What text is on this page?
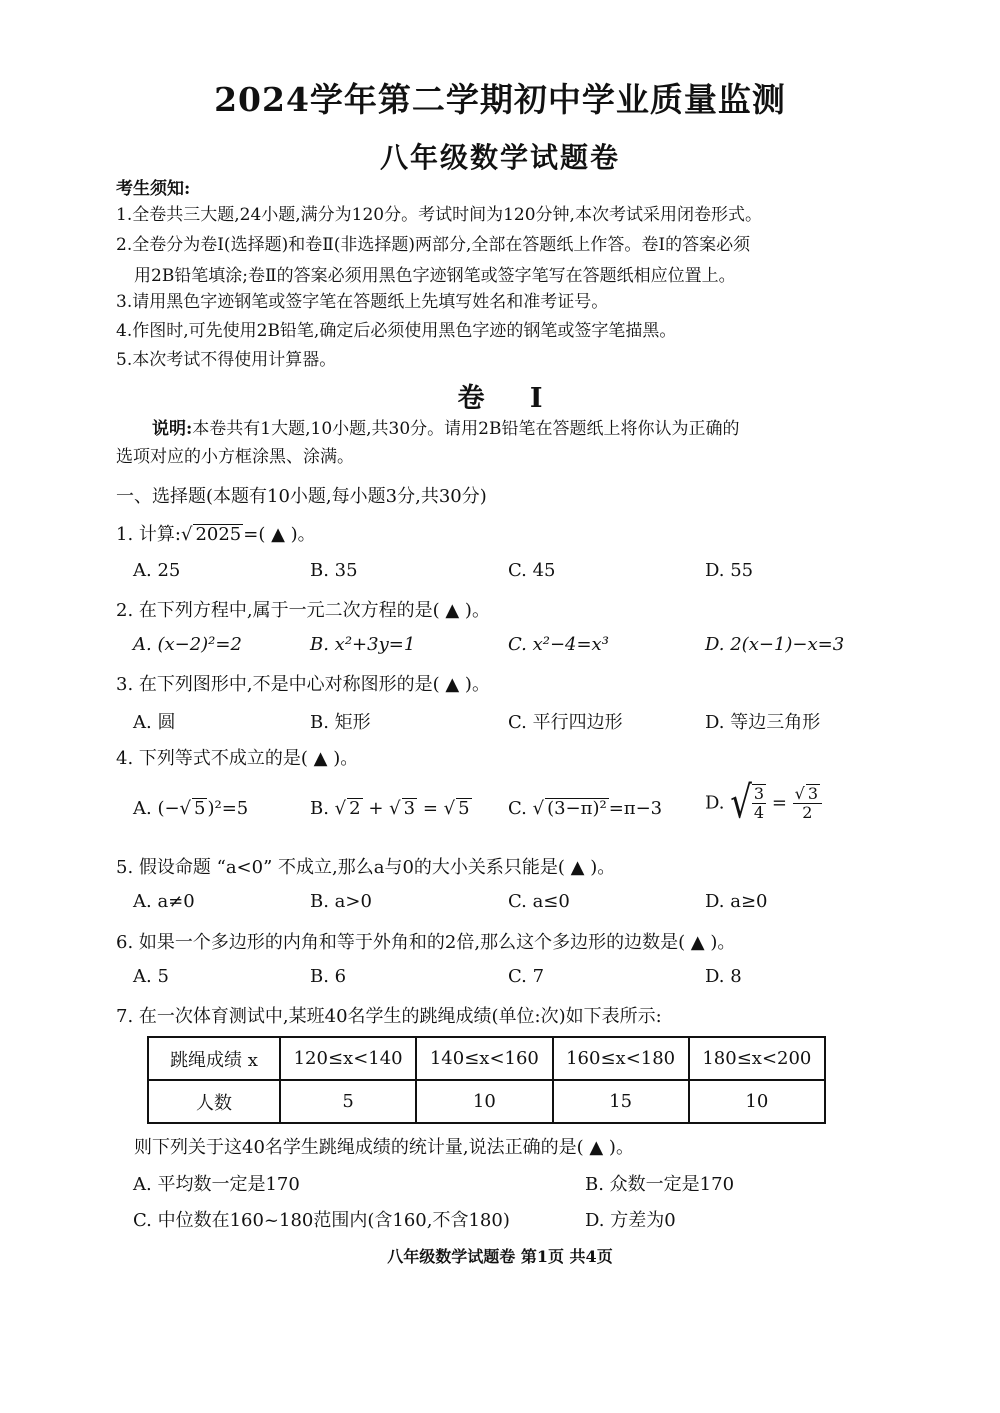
2024学年第二学期初中学业质量监测
八年级数学试题卷
考生须知:
1.全卷共三大题,24小题,满分为120分。考试时间为120分钟,本次考试采用闭卷形式。
2.全卷分为卷Ⅰ(选择题)和卷Ⅱ(非选择题)两部分,全部在答题纸上作答。卷Ⅰ的答案必须
用2B铅笔填涂;卷Ⅱ的答案必须用黑色字迹钢笔或签字笔写在答题纸相应位置上。
3.请用黑色字迹钢笔或签字笔在答题纸上先填写姓名和准考证号。
4.作图时,可先使用2B铅笔,确定后必须使用黑色字迹的钢笔或签字笔描黑。
5.本次考试不得使用计算器。
卷 Ⅰ
说明:本卷共有1大题,10小题,共30分。请用2B铅笔在答题纸上将你认为正确的
选项对应的小方框涂黑、涂满。
一、选择题(本题有10小题,每小题3分,共30分)
1. 计算:√ 2025 =( ▲ )。
A. 25	B. 35	C. 45	D. 55
2. 在下列方程中,属于一元二次方程的是( ▲ )。
A. (x−2)²=2	B. x²+3y=1	C. x²−4=x³	D. 2(x−1)−x=3
3. 在下列图形中,不是中心对称图形的是( ▲ )。
A. 圆	B. 矩形	C. 平行四边形	D. 等边三角形
4. 下列等式不成立的是( ▲ )。
A. (−√ 5 )²=5	B. √ 2 + √ 3 = √ 5 C. √ (3−π)² =π−3 D. √ $\frac{3}{4} = \frac{√ 3}{2}$
5. 假设命题 “a<0” 不成立,那么a与0的大小关系只能是( ▲ )。
A. a≠0	B. a>0	C. a≤0	D. a≥0
6. 如果一个多边形的内角和等于外角和的2倍,那么这个多边形的边数是( ▲ )。
A. 5	B. 6	C. 7	D. 8
7. 在一次体育测试中,某班40名学生的跳绳成绩(单位:次)如下表所示:
跳绳成绩 x	120≤x<140	140≤x<160	160≤x<180	180≤x<200
人数	5	10	15	10
则下列关于这40名学生跳绳成绩的统计量,说法正确的是( ▲ )。
A. 平均数一定是170	B. 众数一定是170
C. 中位数在160~180范围内(含160,不含180)	D. 方差为0
八年级数学试题卷 第1页 共4页
